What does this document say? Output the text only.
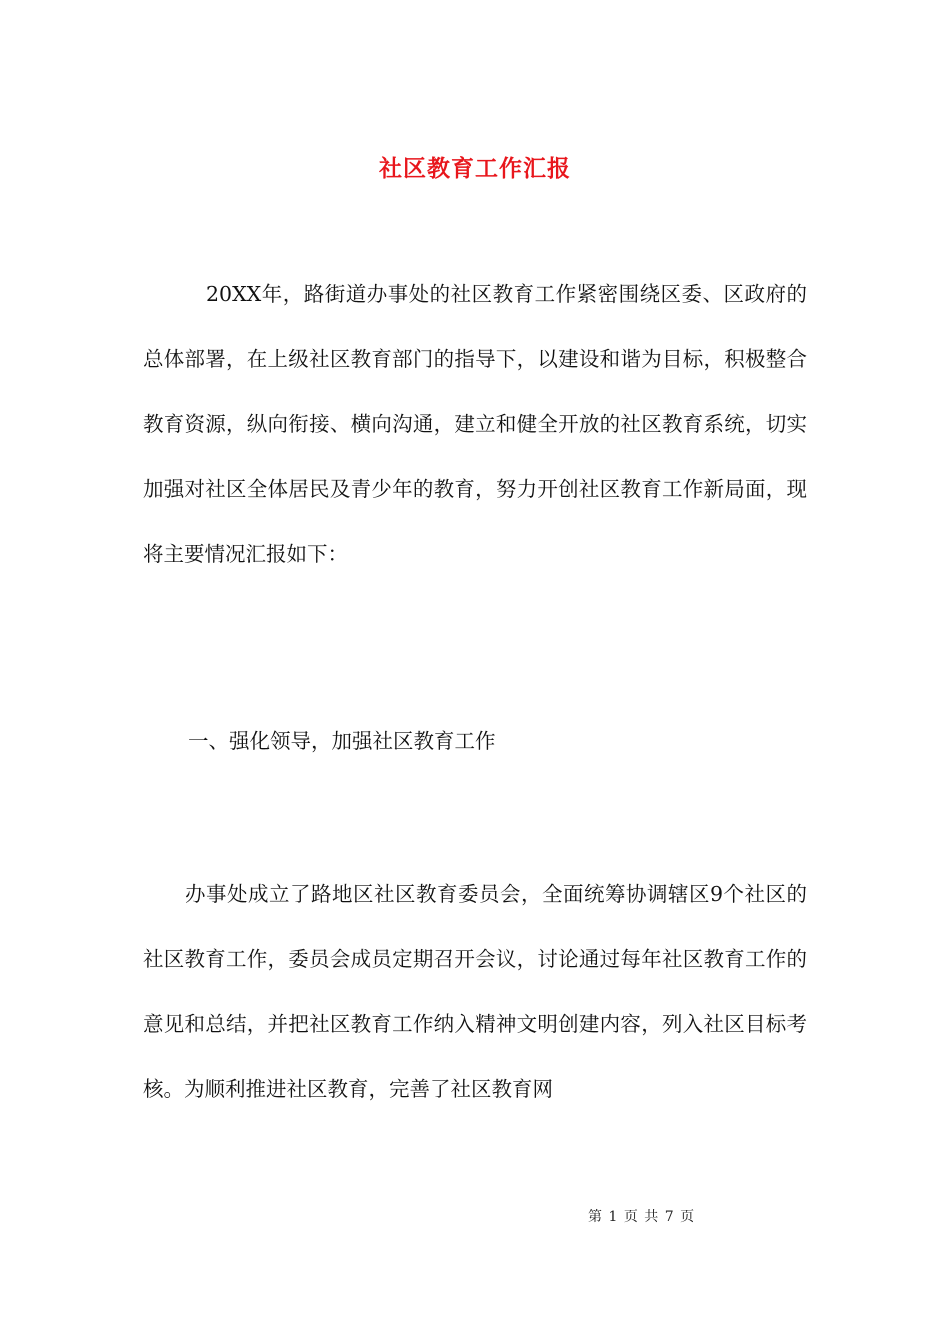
社区教育工作汇报

20XX年，路街道办事处的社区教育工作紧密围绕区委、区政府的总体部署，在上级社区教育部门的指导下，以建设和谐为目标，积极整合教育资源，纵向衔接、横向沟通，建立和健全开放的社区教育系统，切实加强对社区全体居民及青少年的教育，努力开创社区教育工作新局面，现将主要情况汇报如下：

一、强化领导，加强社区教育工作

办事处成立了路地区社区教育委员会，全面统筹协调辖区9个社区的社区教育工作，委员会成员定期召开会议，讨论通过每年社区教育工作的意见和总结，并把社区教育工作纳入精神文明创建内容，列入社区目标考核。为顺利推进社区教育，完善了社区教育网

第 1 页 共 7 页
